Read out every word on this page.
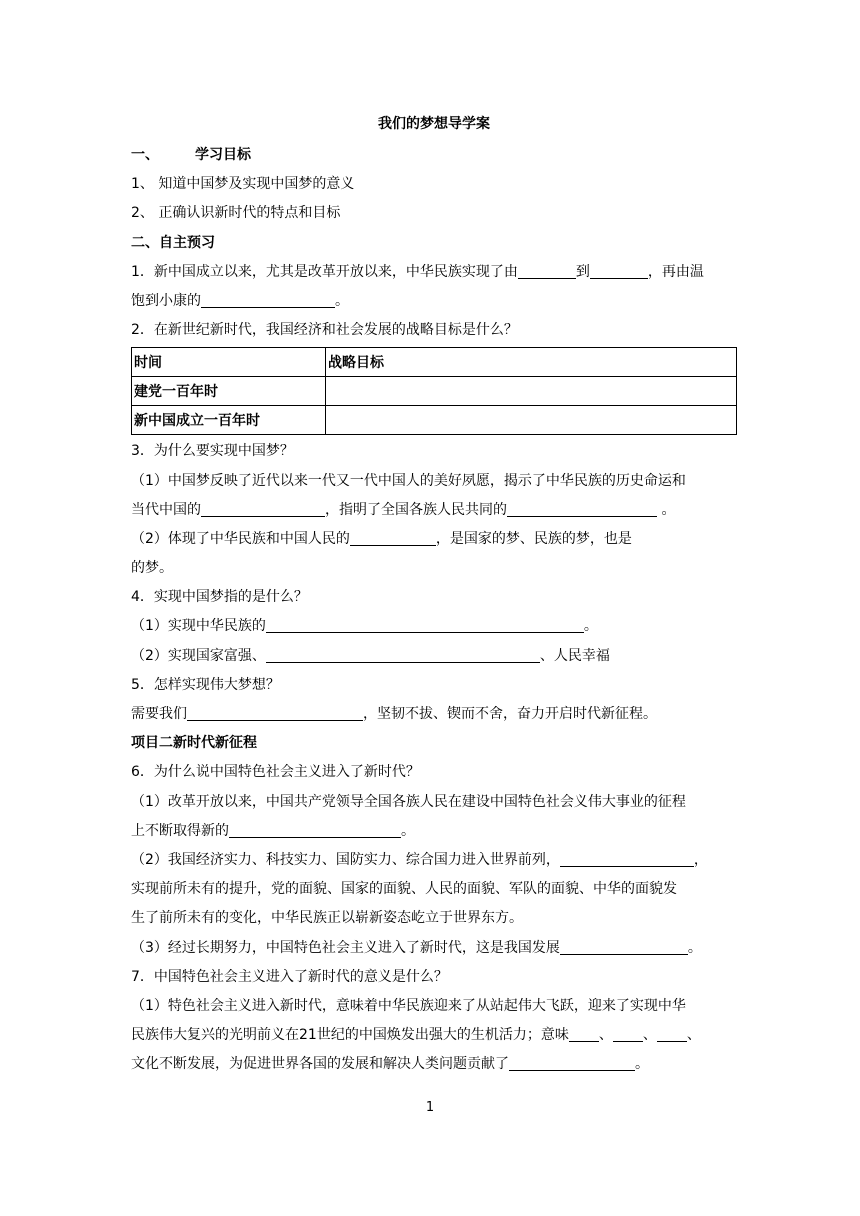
我们的梦想导学案
一、	学习目标
1、 知道中国梦及实现中国梦的意义
2、 正确认识新时代的特点和目标
二、自主预习
1．新中国成立以来，尤其是改革开放以来，中华民族实现了由	到	，再由温
饱到小康的	。
2．在新世纪新时代，我国经济和社会发展的战略目标是什么？
时间	战略目标
建党一百年时	
新中国成立一百年时	
3．为什么要实现中国梦？
（1）中国梦反映了近代以来一代又一代中国人的美好夙愿，揭示了中华民族的历史命运和
当代中国的	，指明了全国各族人民共同的	。
（2）体现了中华民族和中国人民的	，是国家的梦、民族的梦，也是
的梦。
4．实现中国梦指的是什么？
（1）实现中华民族的	。
（2）实现国家富强、	、人民幸福
5．怎样实现伟大梦想？
需要我们	，坚韧不拔、锲而不舍，奋力开启时代新征程。
项目二新时代新征程
6．为什么说中国特色社会主义进入了新时代？
（1）改革开放以来，中国共产党领导全国各族人民在建设中国特色社会义伟大事业的征程
上不断取得新的	。
（2）我国经济实力、科技实力、国防实力、综合国力进入世界前列，	，
实现前所未有的提升，党的面貌、国家的面貌、人民的面貌、军队的面貌、中华的面貌发
生了前所未有的变化，中华民族正以崭新姿态屹立于世界东方。
（3）经过长期努力，中国特色社会主义进入了新时代，这是我国发展	。
7．中国特色社会主义进入了新时代的意义是什么？
（1）特色社会主义进入新时代，意味着中华民族迎来了从站起伟大飞跃，迎来了实现中华
民族伟大复兴的光明前义在21世纪的中国焕发出强大的生机活力；意味 、 、 、
文化不断发展，为促进世界各国的发展和解决人类问题贡献了	。
1
